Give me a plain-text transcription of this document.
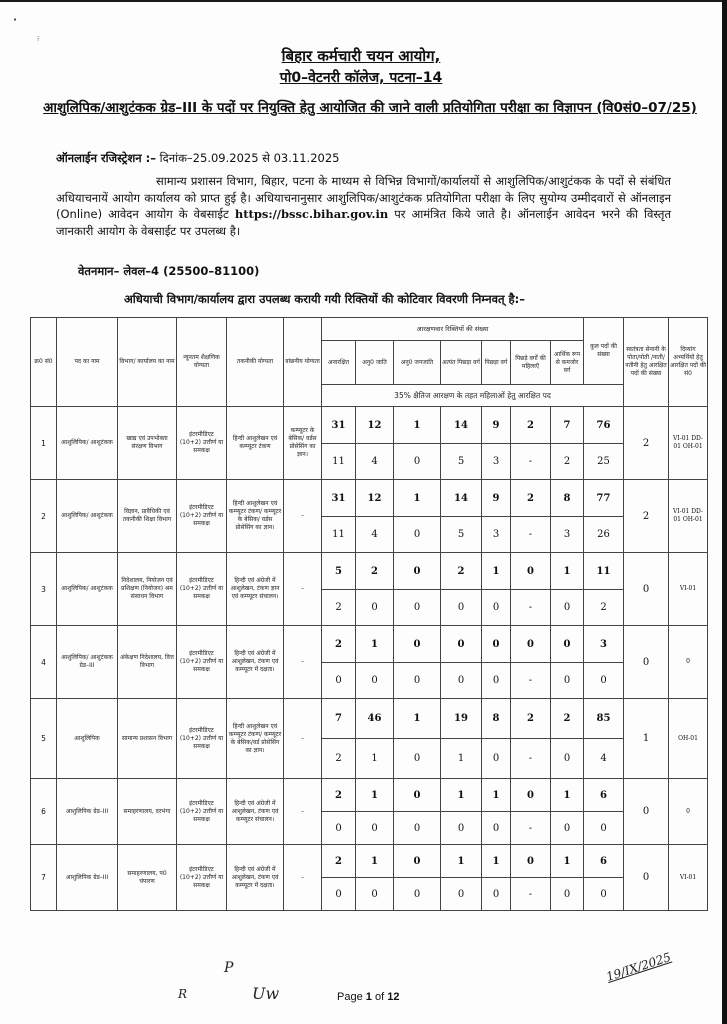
•
⁝
बिहार कर्मचारी चयन आयोग,
पो0–वेटनरी कॉलेज, पटना–14
आशुलिपिक/आशुटंकक ग्रेड–III के पदों पर नियुक्ति हेतु आयोजित की जाने वाली प्रतियोगिता परीक्षा का विज्ञापन (वि0सं0–07/25)
ऑनलाईन रजिस्ट्रेशन :– दिनांक–25.09.2025 से 03.11.2025
सामान्य प्रशासन विभाग, बिहार, पटना के माध्यम से विभिन्न विभागों/कार्यालयों से आशुलिपिक/आशुटंकक के पदों से संबंधित अधियाचनायें आयोग कार्यालय को प्राप्त हुई है। अधियाचनानुसार आशुलिपिक/आशुटंकक प्रतियोगिता परीक्षा के लिए सुयोग्य उम्मीदवारों से ऑनलाइन (Online) आवेदन आयोग के वेबसाईट https://bssc.bihar.gov.in पर आमंत्रित किये जाते है। ऑनलाईन आवेदन भरने की विस्तृत जानकारी आयोग के वेबसाईट पर उपलब्ध है।
वेतनमान– लेवल–4 (25500–81100)
अधियाची विभाग/कार्यालय द्वारा उपलब्ध करायी गयी रिक्तियों की कोटिवार विवरणी निम्नवत् है:–
क्र0 सं0	पद का नाम	विभाग/ कार्यालय का नाम	न्यूनतम शैक्षणिक योग्यता	तकनीकी योग्यता	वांछनीय योग्यता	आरक्षणवार रिक्तियों की संख्या							कुल पदों की संख्या	स्वतंत्रता सेनानी के पोता/पोती /नाती/ नतीनी हेतु आरक्षित पदों की संख्या	दिव्यांग अभ्यर्थियों हेतु आरक्षित पदों की सं0
						अनारक्षित	अनु0 जाति	अनु0 जनजाति	अत्यंत पिछड़ा वर्ग	पिछड़ा वर्ग	पिछड़े वर्गों की महिलाएँ	आर्थिक रूप से कमजोर वर्ग			
						35% क्षैतिज आरक्षण के तहत महिलाओं हेतु आरक्षित पद									
1	आशुलिपिक/ आशुटंकक	खाद्य एवं उपभोक्ता संरक्षण विभाग	इंटरमीडिएट (10+2) उत्तीर्ण या समकक्ष	हिन्दी आशुलेखन एवं कम्प्यूटर टंकण	कम्प्यूटर के बेसिक/ वर्डस प्रोसेसिंग का ज्ञान।	31	12	1	14	9	2	7	76	2	VI-01 DD-01 OH-01
						11	4	0	5	3	-	2	25		
2	आशुलिपिक/ आशुटंकक	विज्ञान, प्रावैधिकी एवं तकनीकी शिक्षा विभाग	इंटरमीडिएट (10+2) उत्तीर्ण या समकक्ष	हिन्दी आशुलेखन एवं कम्प्यूटर टंकण/ कम्प्यूटर के बेसिक/ वर्डस प्रोसेसिंग का ज्ञान।	–	31	12	1	14	9	2	8	77	2	VI-01 DD-01 OH-01
						11	4	0	5	3	-	3	26		
3	आशुलिपिक/ आशुटंकक	निदेशालय, नियोजन एवं प्रशिक्षण (नियोजन) श्रम संसाधन विभाग	इंटरमीडिएट (10+2) उत्तीर्ण या समकक्ष	हिन्दी एवं अंग्रेजी में आशुलेखन, टंकण ज्ञान एवं कम्प्यूटर संचालन।	–	5	2	0	2	1	0	1	11	0	VI-01
						2	0	0	0	0	-	0	2		
4	आशुलिपिक/ आशुटंकक ग्रेड–III	अंकेक्षण निदेशालय, वित्त विभाग	इंटरमीडिएट (10+2) उत्तीर्ण या समकक्ष	हिन्दी एवं अंग्रेजी में आशुलेखन, टंकण एवं कम्प्यूटर में दक्षता।	–	2	1	0	0	0	0	0	3	0	0
						0	0	0	0	0	-	0	0		
5	आशुलिपिक	सामान्य प्रशासन विभाग	इंटरमीडिएट (10+2) उत्तीर्ण या समकक्ष	हिन्दी आशुलेखन एवं कम्प्यूटर टंकण/ कम्प्यूटर के बेसिक/वर्ड प्रोसेसिंग का ज्ञान।	–	7	46	1	19	8	2	2	85	1	OH-01
						2	1	0	1	0	-	0	4		
6	आशुलिपिक ग्रेड–III	समाहरणालय, दरभंगा	इंटरमीडिएट (10+2) उत्तीर्ण या समकक्ष	हिन्दी एवं अंग्रेजी में आशुलेखन, टंकण एवं कम्प्यूटर संचालन।	–	2	1	0	1	1	0	1	6	0	0
						0	0	0	0	0	-	0	0		
7	आशुलिपिक ग्रेड–III	समाहरणालय, प0 चंपारण	इंटरमीडिएट (10+2) उत्तीर्ण या समकक्ष	हिन्दी एवं अंग्रेजी में आशुलेखन, टंकण एवं कम्प्यूटर में दक्षता।	–	2	1	0	1	1	0	1	6	0	VI-01
						0	0	0	0	0	-	0	0		
P
R	Uw	Page 1 of 12
19/IX/2025
